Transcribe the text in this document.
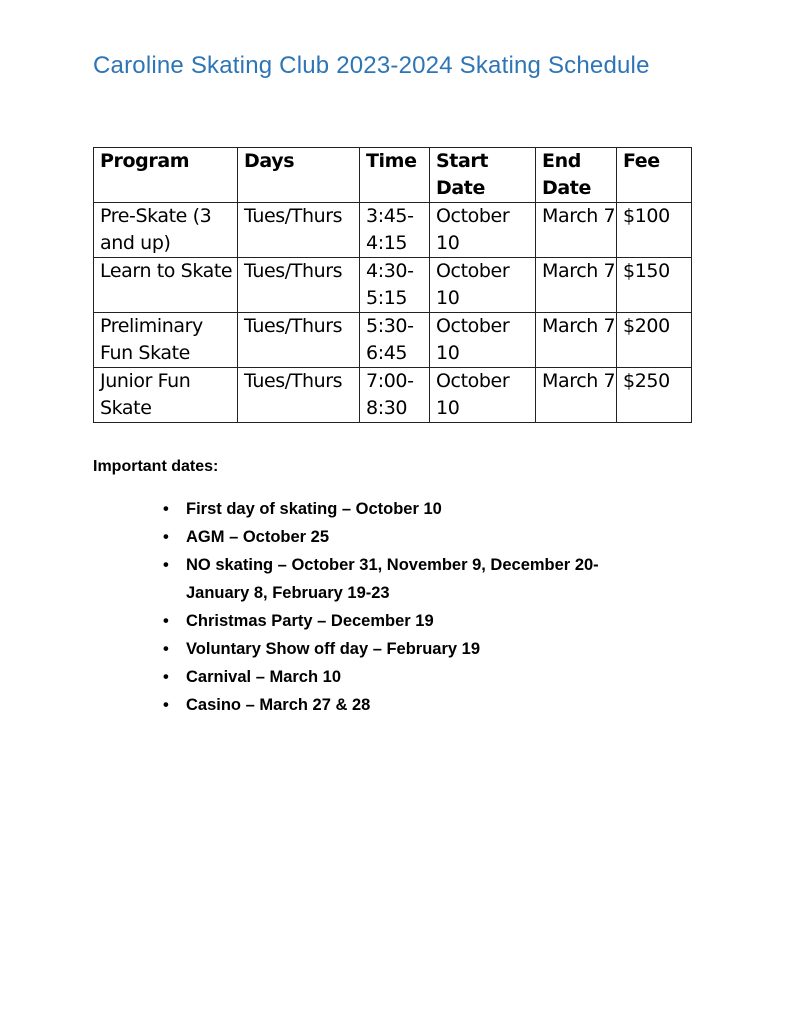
Caroline Skating Club 2023-2024 Skating Schedule
Program	Days	Time	Start Date	End Date	Fee
Pre-Skate (3 and up)	Tues/Thurs	3:45-4:15	October 10	March 7	$100
Learn to Skate	Tues/Thurs	4:30-5:15	October 10	March 7	$150
Preliminary Fun Skate	Tues/Thurs	5:30-6:45	October 10	March 7	$200
Junior Fun Skate	Tues/Thurs	7:00-8:30	October 10	March 7	$250
Important dates:
• First day of skating – October 10
• AGM – October 25
• NO skating – October 31, November 9, December 20-January 8, February 19-23
• Christmas Party – December 19
• Voluntary Show off day – February 19
• Carnival – March 10
• Casino – March 27 & 28
